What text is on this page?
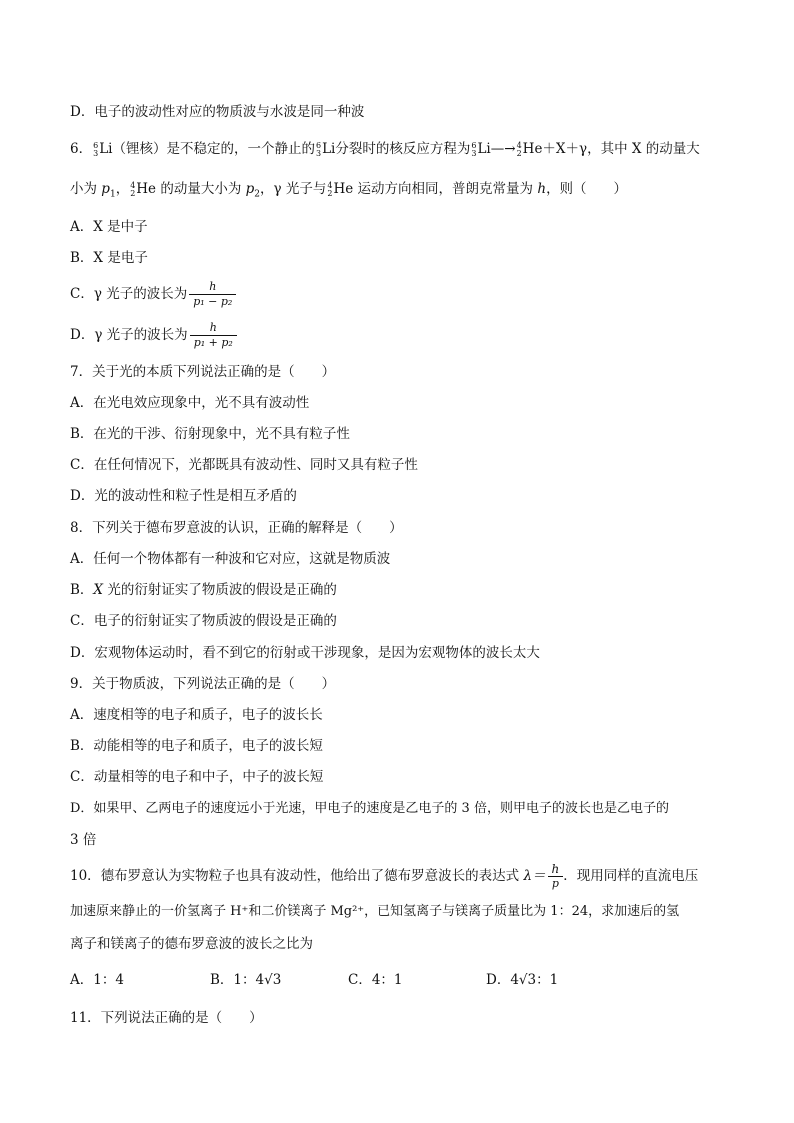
D．电子的波动性对应的物质波与水波是同一种波
6． 6
3 Li（锂核）是不稳定的，一个静止的 6
3 Li分裂时的核反应方程为 6
3 Li—→ 4
2 He＋X＋γ，其中 X 的动量大
小为 $p_1$， 4
2 He 的动量大小为 $p_2$，γ 光子与 4
2 He 运动方向相同，普朗克常量为 h，则（　　）
A．X 是中子
B．X 是电子
C．γ 光子的波长为 $\frac{h}{\text{p₁ − p₂}}$
D．γ 光子的波长为 $\frac{h}{\text{p₁ + p₂}}$
7．关于光的本质下列说法正确的是（　　）
A．在光电效应现象中，光不具有波动性
B．在光的干涉、衍射现象中，光不具有粒子性
C．在任何情况下，光都既具有波动性、同时又具有粒子性
D．光的波动性和粒子性是相互矛盾的
8．下列关于德布罗意波的认识，正确的解释是（　　）
A．任何一个物体都有一种波和它对应，这就是物质波
B．X 光的衍射证实了物质波的假设是正确的
C．电子的衍射证实了物质波的假设是正确的
D．宏观物体运动时，看不到它的衍射或干涉现象，是因为宏观物体的波长太大
9．关于物质波，下列说法正确的是（　　）
A．速度相等的电子和质子，电子的波长长
B．动能相等的电子和质子，电子的波长短
C．动量相等的电子和中子，中子的波长短
D．如果甲、乙两电子的速度远小于光速，甲电子的速度是乙电子的 3 倍，则甲电子的波长也是乙电子的
3 倍
10．德布罗意认为实物粒子也具有波动性，他给出了德布罗意波长的表达式 $\lambda= \frac{h}{p}$ ．现用同样的直流电压
加速原来静止的一价氢离子 H⁺和二价镁离子 Mg²⁺，已知氢离子与镁离子质量比为 1：24，求加速后的氢
离子和镁离子的德布罗意波的波长之比为
A．1：4	B．1：4√3	C．4：1	D．4√3：1
11．下列说法正确的是（　　）
